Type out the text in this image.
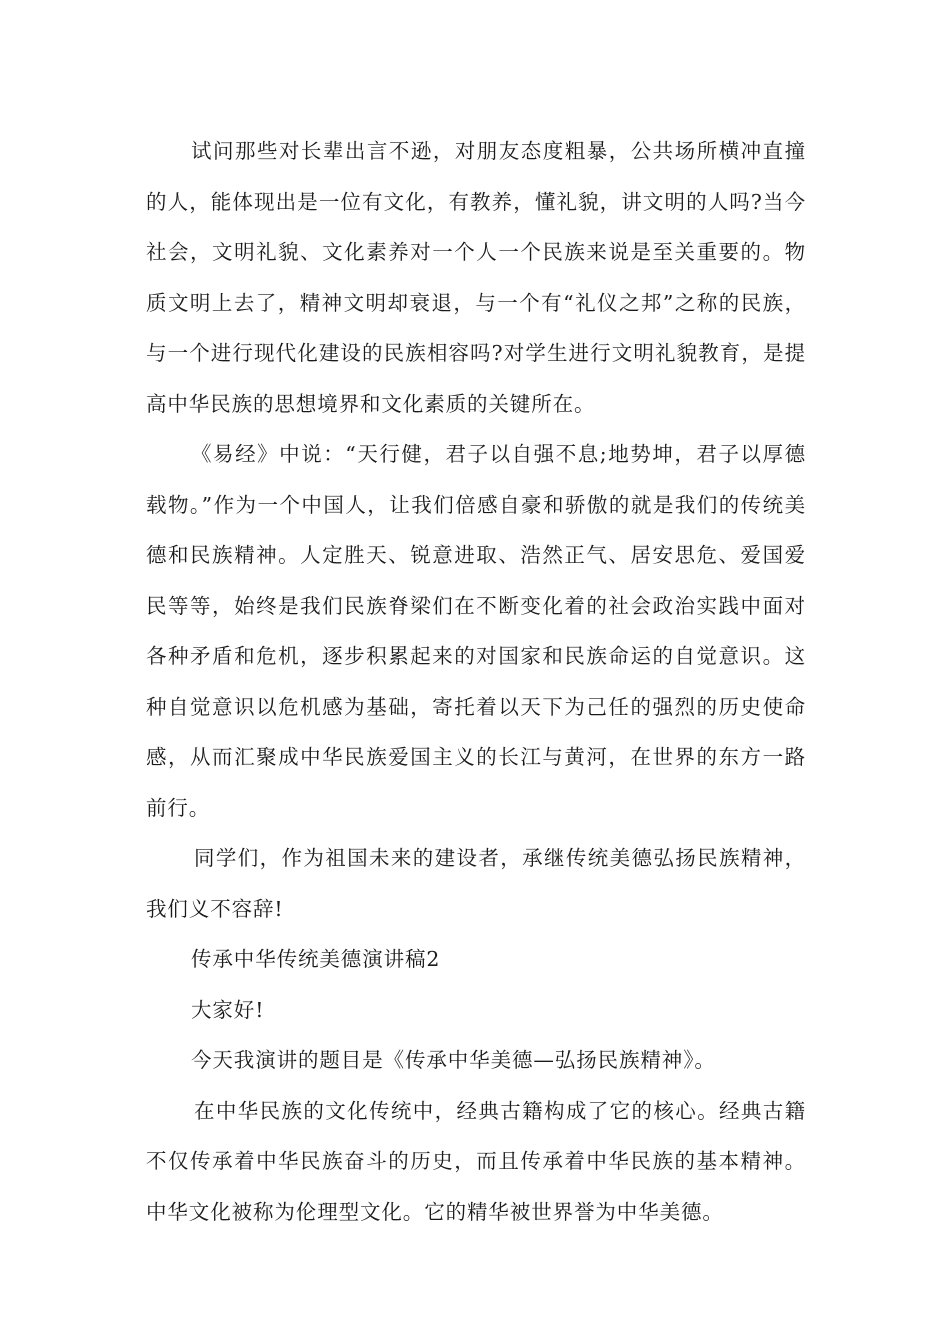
试问那些对长辈出言不逊，对朋友态度粗暴，公共场所横冲直撞的人，能体现出是一位有文化，有教养，懂礼貌，讲文明的人吗?当今社会，文明礼貌、文化素养对一个人一个民族来说是至关重要的。物质文明上去了，精神文明却衰退，与一个有“礼仪之邦”之称的民族，与一个进行现代化建设的民族相容吗?对学生进行文明礼貌教育，是提高中华民族的思想境界和文化素质的关键所在。

《易经》中说：“天行健，君子以自强不息;地势坤，君子以厚德载物。”作为一个中国人，让我们倍感自豪和骄傲的就是我们的传统美德和民族精神。人定胜天、锐意进取、浩然正气、居安思危、爱国爱民等等，始终是我们民族脊梁们在不断变化着的社会政治实践中面对各种矛盾和危机，逐步积累起来的对国家和民族命运的自觉意识。这种自觉意识以危机感为基础，寄托着以天下为己任的强烈的历史使命感，从而汇聚成中华民族爱国主义的长江与黄河，在世界的东方一路前行。

同学们，作为祖国未来的建设者，承继传统美德弘扬民族精神，我们义不容辞!

传承中华传统美德演讲稿2

大家好!

今天我演讲的题目是《传承中华美德—弘扬民族精神》。

在中华民族的文化传统中，经典古籍构成了它的核心。经典古籍不仅传承着中华民族奋斗的历史，而且传承着中华民族的基本精神。中华文化被称为伦理型文化。它的精华被世界誉为中华美德。
